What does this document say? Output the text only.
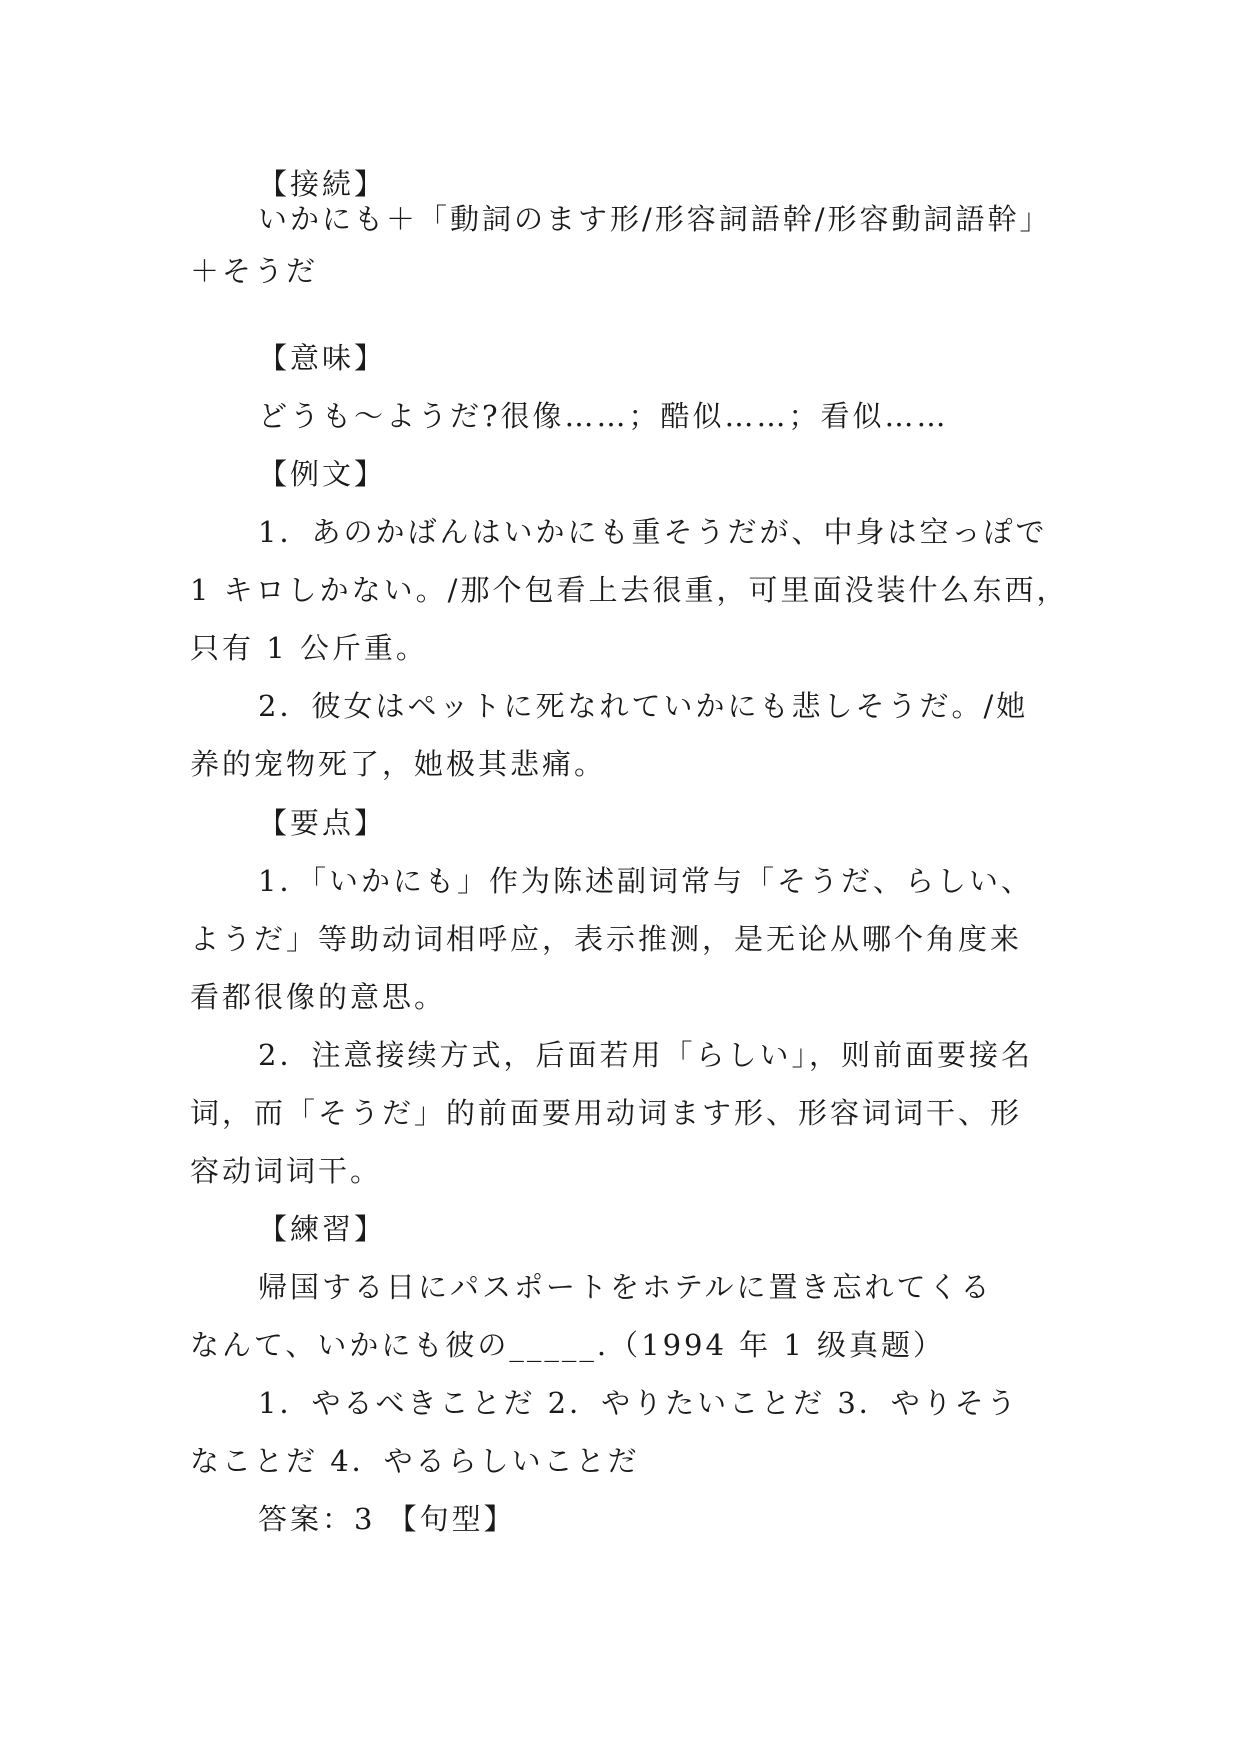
【接続】
いかにも＋「動詞のます形/形容詞語幹/形容動詞語幹」
＋そうだ
【意味】
どうも～ようだ?很像……；酷似……；看似……
【例文】
1．あのかばんはいかにも重そうだが、中身は空っぽで
1 キロしかない。/那个包看上去很重，可里面没装什么东西，
只有 1 公斤重。
2．彼女はペットに死なれていかにも悲しそうだ。/她
养的宠物死了，她极其悲痛。
【要点】
1．「いかにも」作为陈述副词常与「そうだ、らしい、
ようだ」等助动词相呼应，表示推测，是无论从哪个角度来
看都很像的意思。
2．注意接续方式，后面若用「らしい」，则前面要接名
词，而「そうだ」的前面要用动词ます形、形容词词干、形
容动词词干。
【練習】
帰国する日にパスポートをホテルに置き忘れてくる
なんて、いかにも彼の_____.（1994 年 1 级真题）
1．やるべきことだ 2．やりたいことだ 3．やりそう
なことだ 4．やるらしいことだ
答案：3 【句型】
